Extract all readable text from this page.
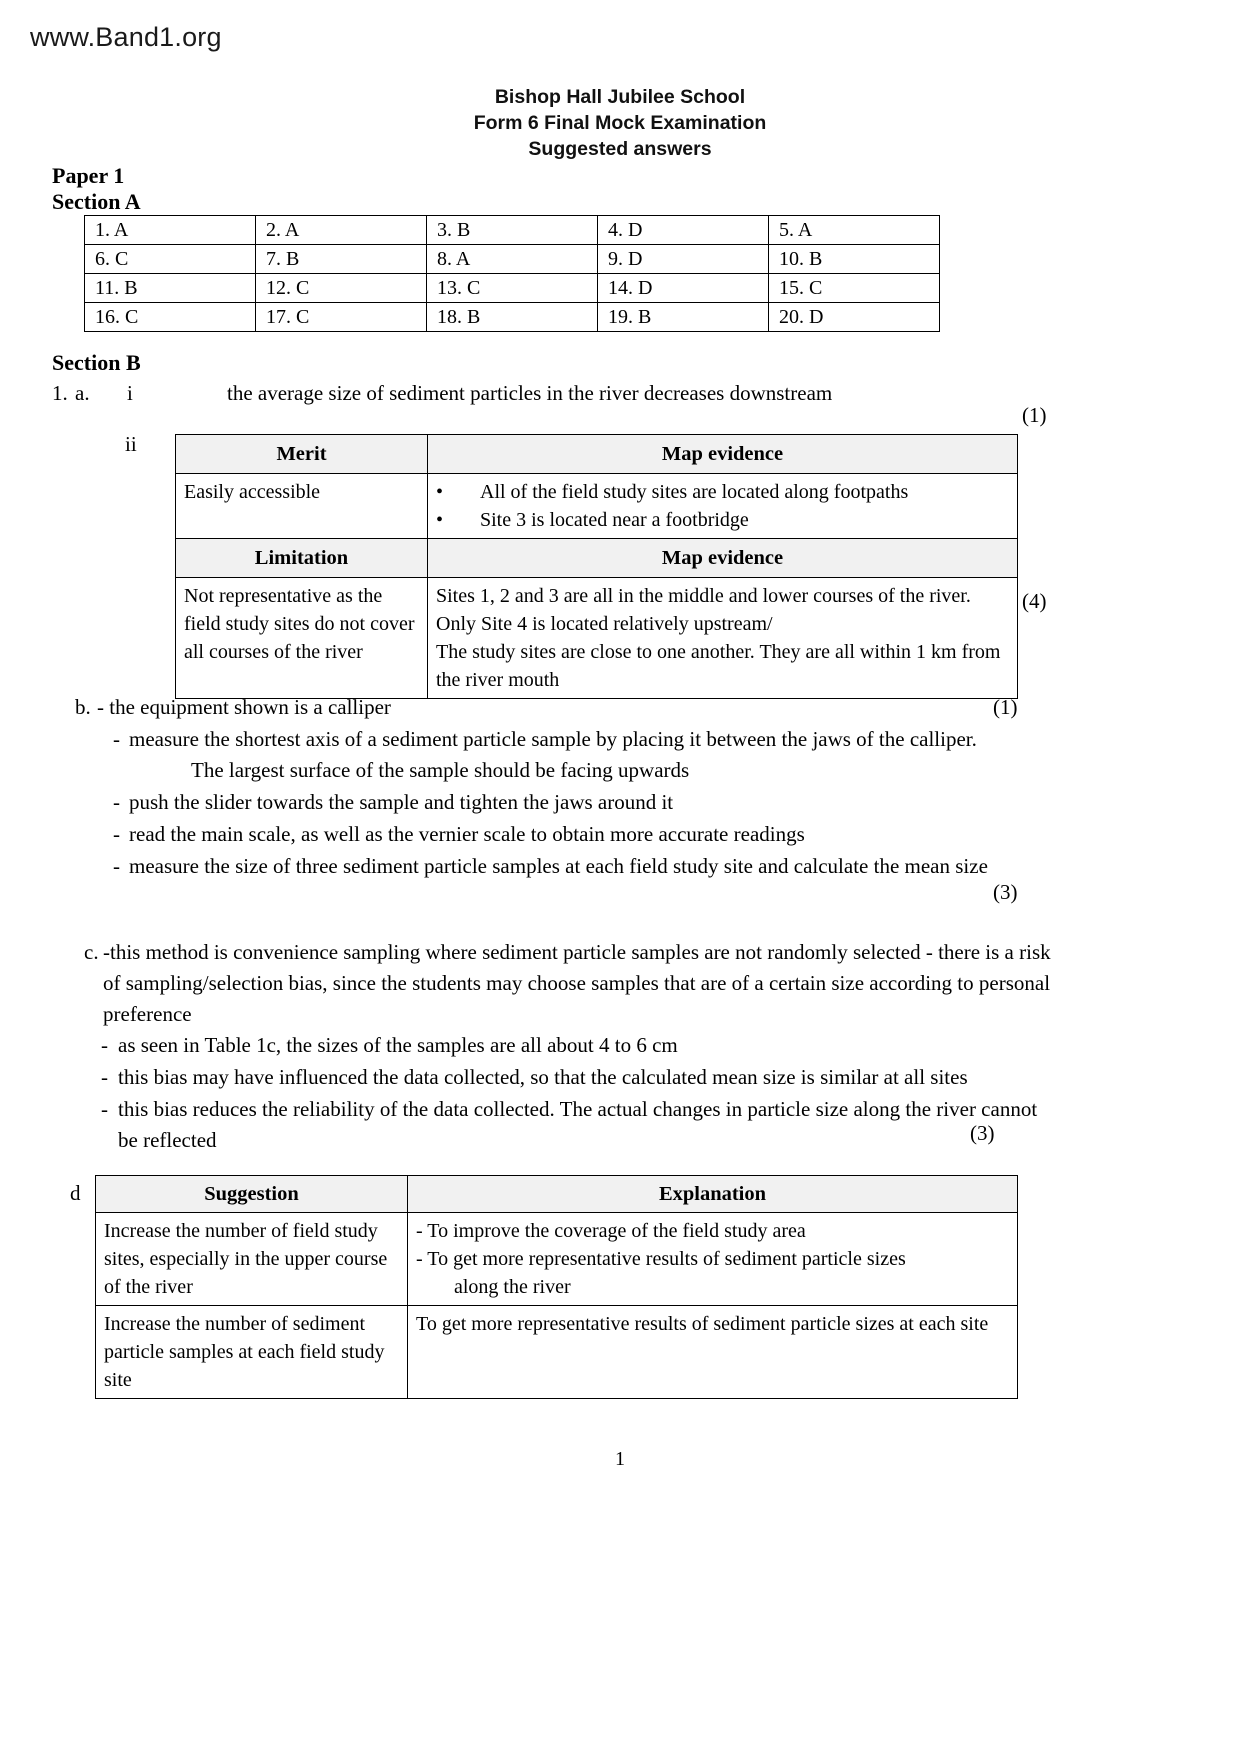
www.Band1.org
Bishop Hall Jubilee School
Form 6 Final Mock Examination
Suggested answers
Paper 1
Section A
1. A	2. A	3. B	4. D	5. A
6. C	7. B	8. A	9. D	10. B
11. B	12. C	13. C	14. D	15. C
16. C	17. C	18. B	19. B	20. D
Section B
1. a. i	the average size of sediment particles in the river decreases downstream
(1)
ii	Merit	Map evidence
Easily accessible	• All of the field study sites are located along footpaths
• Site 3 is located near a footbridge

Limitation	Map evidence
Not representative as the field study sites do not cover all courses of the river	Sites 1, 2 and 3 are all in the middle and lower courses of the river. Only Site 4 is located relatively upstream/
The study sites are close to one another. They are all within 1 km from the river mouth
(4)
b. - the equipment shown is a calliper
- measure the shortest axis of a sediment particle sample by placing it between the jaws of the calliper.
The largest surface of the sample should be facing upwards
- push the slider towards the sample and tighten the jaws around it
- read the main scale, as well as the vernier scale to obtain more accurate readings
- measure the size of three sediment particle samples at each field study site and calculate the mean size
(1)
(3)
c. -this method is convenience sampling where sediment particle samples are not randomly selected - there is a risk of sampling/selection bias, since the students may choose samples that are of a certain size according to personal preference
- as seen in Table 1c, the sizes of the samples are all about 4 to 6 cm
- this bias may have influenced the data collected, so that the calculated mean size is similar at all sites
- this bias reduces the reliability of the data collected. The actual changes in particle size along the river cannot be reflected	(3)
d	Suggestion	Explanation
Increase the number of field study sites, especially in the upper course of the river	- To improve the coverage of the field study area
- To get more representative results of sediment particle sizes
along the river

Increase the number of sediment particle samples at each field study site	To get more representative results of sediment particle sizes at each site
1
